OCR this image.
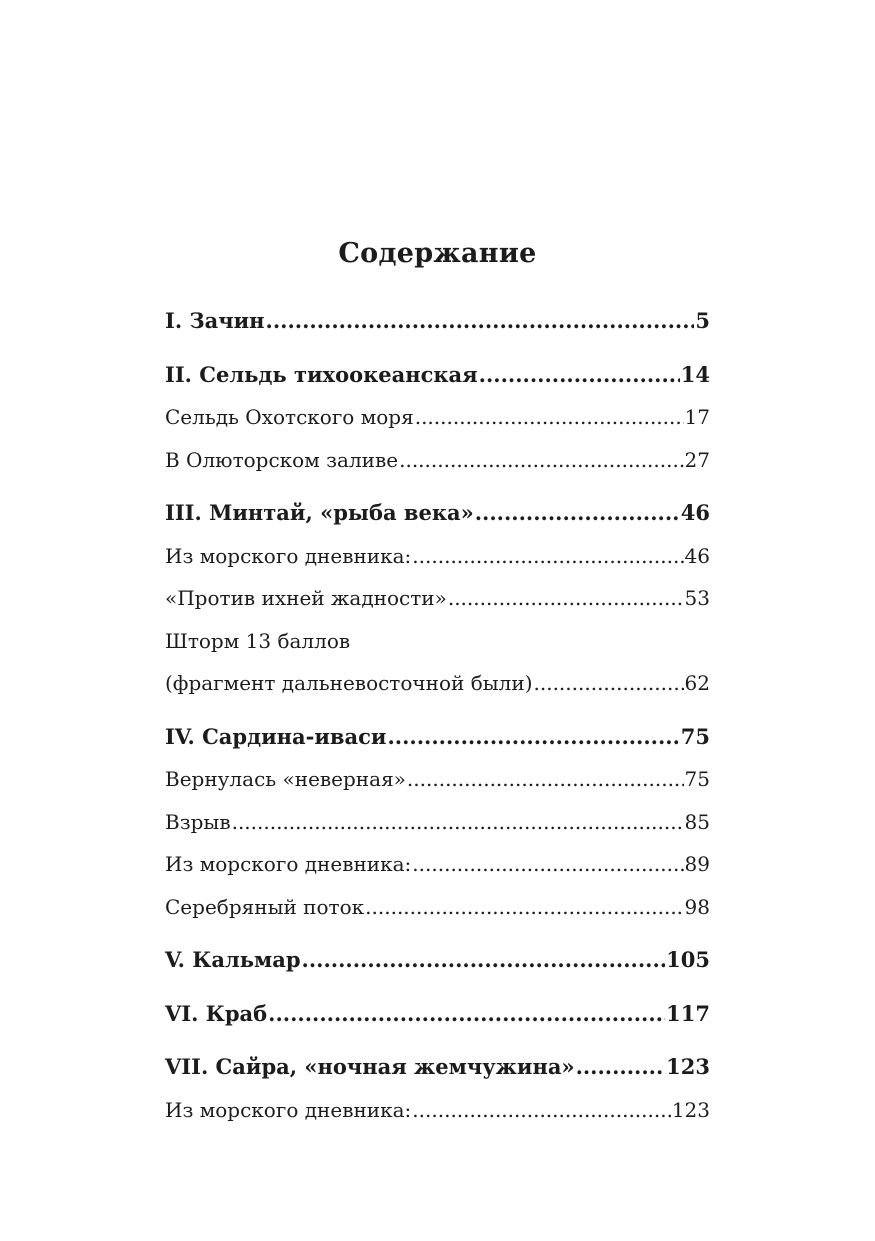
Содержание
I. Зачин .....	5
II. Сельдь тихоокеанская .....	14
Сельдь Охотского моря .....	17
В Олюторском заливе .....	27
III. Минтай, «рыба века» .....	46
Из морского дневника: .....	46
«Против ихней жадности» .....	53
Шторм 13 баллов
(фрагмент дальневосточной были) .....	62
IV. Сардина-иваси .....	75
Вернулась «неверная» .....	75
Взрыв .....	85
Из морского дневника: .....	89
Серебряный поток .....	98
V. Кальмар .....	105
VI. Краб .....	117
VII. Сайра, «ночная жемчужина» .....	123
Из морского дневника: .....	123
